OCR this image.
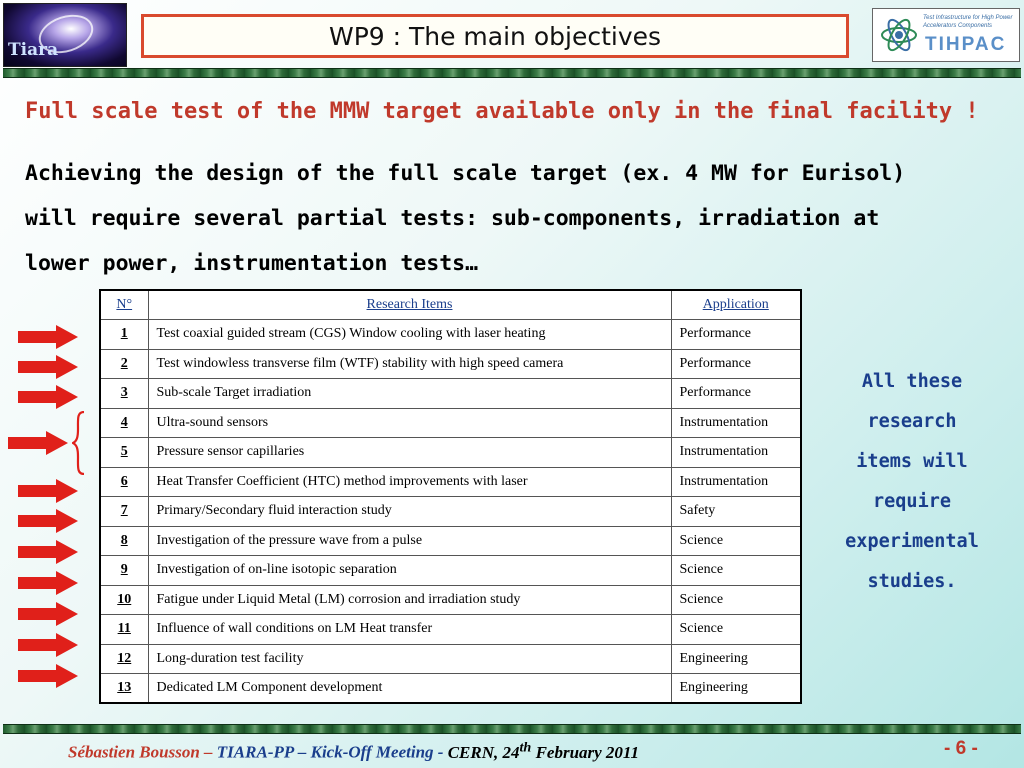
Tiara	WP9 : The main objectives
Test Infrastructure for High Power Accelerators Components
TIHPAC
Full scale test of the MMW target available only in the final facility !
Achieving the design of the full scale target (ex. 4 MW for Eurisol)
will require several partial tests: sub-components, irradiation at
lower power, instrumentation tests…
N°	Research Items	Application
1	Test coaxial guided stream (CGS) Window cooling with laser heating	Performance
2	Test windowless transverse film (WTF) stability with high speed camera	Performance
3	Sub-scale Target irradiation	Performance
4	Ultra-sound sensors	Instrumentation
5	Pressure sensor capillaries	Instrumentation
6	Heat Transfer Coefficient (HTC) method improvements with laser	Instrumentation
7	Primary/Secondary fluid interaction study	Safety
8	Investigation of the pressure wave from a pulse	Science
9	Investigation of on-line isotopic separation	Science
10	Fatigue under Liquid Metal (LM) corrosion and irradiation study	Science
11	Influence of wall conditions on LM Heat transfer	Science
12	Long-duration test facility	Engineering
13	Dedicated LM Component development	Engineering
All these
research
items will
require
experimental
studies.
Sébastien Bousson – TIARA-PP – Kick-Off Meeting - CERN, 24th February 2011	- 6 -
